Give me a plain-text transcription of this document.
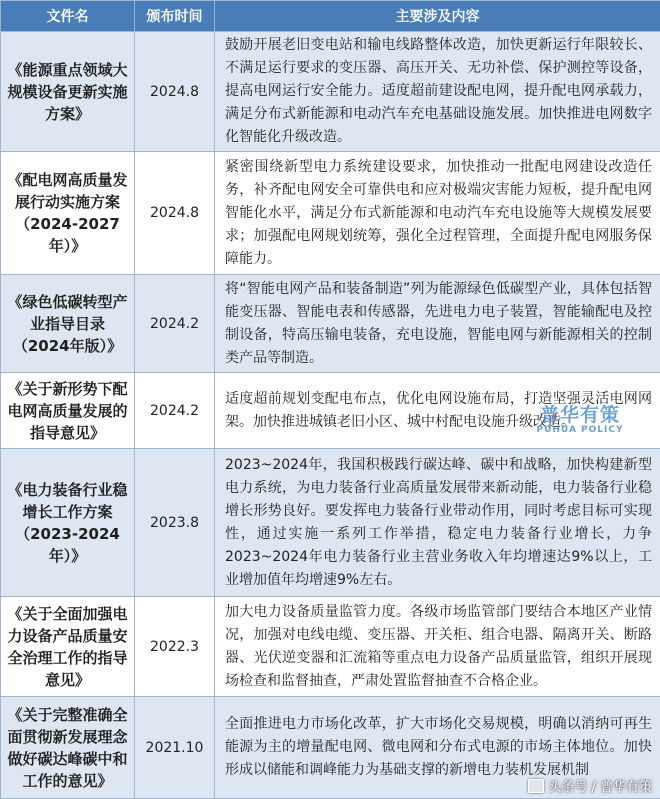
文件名	颁布时间	主要涉及内容
《能源重点领域大规模设备更新实施方案》	2024.8	鼓励开展老旧变电站和输电线路整体改造，加快更新运行年限较长、不满足运行要求的变压器、高压开关、无功补偿、保护测控等设备，提高电网运行安全能力。适度超前建设配电网，提升配电网承载力，满足分布式新能源和电动汽车充电基础设施发展。加快推进电网数字化智能化升级改造。
《配电网高质量发展行动实施方案（2024-2027年）》	2024.8	紧密围绕新型电力系统建设要求，加快推动一批配电网建设改造任务，补齐配电网安全可靠供电和应对极端灾害能力短板，提升配电网智能化水平，满足分布式新能源和电动汽车充电设施等大规模发展要求；加强配电网规划统筹，强化全过程管理，全面提升配电网服务保障能力。
《绿色低碳转型产业指导目录（2024年版）》	2024.2	将“智能电网产品和装备制造”列为能源绿色低碳型产业，具体包括智能变压器、智能电表和传感器，先进电力电子装置，智能输配电及控制设备，特高压输电装备，充电设施，智能电网与新能源相关的控制类产品等制造。
《关于新形势下配电网高质量发展的指导意见》	2024.2	适度超前规划变配电布点，优化电网设施布局，打造坚强灵活电网网架。加快推进城镇老旧小区、城中村配电设施升级改造。
《电力装备行业稳增长工作方案（2023-2024年）》	2023.8	2023~2024年，我国积极践行碳达峰、碳中和战略，加快构建新型电力系统，为电力装备行业高质量发展带来新动能，电力装备行业稳增长形势良好。要发挥电力装备行业带动作用，同时考虑目标可实现性，通过实施一系列工作举措，稳定电力装备行业增长，力争2023~2024年电力装备行业主营业务收入年均增速达9%以上，工业增加值年均增速9%左右。
《关于全面加强电力设备产品质量安全治理工作的指导意见》	2022.3	加大电力设备质量监管力度。各级市场监管部门要结合本地区产业情况，加强对电线电缆、变压器、开关柜、组合电器、隔离开关、断路器、光伏逆变器和汇流箱等重点电力设备产品质量监管，组织开展现场检查和监督抽查，严肃处置监督抽查不合格企业。
《关于完整准确全面贯彻新发展理念做好碳达峰碳中和工作的意见》	2021.10	全面推进电力市场化改革，扩大市场化交易规模，明确以消纳可再生能源为主的增量配电网、微电网和分布式电源的市场主体地位。加快形成以储能和调峰能力为基础支撑的新增电力装机发展机制
普华有策
PUHUA POLICY
头条号 / 普华有策
